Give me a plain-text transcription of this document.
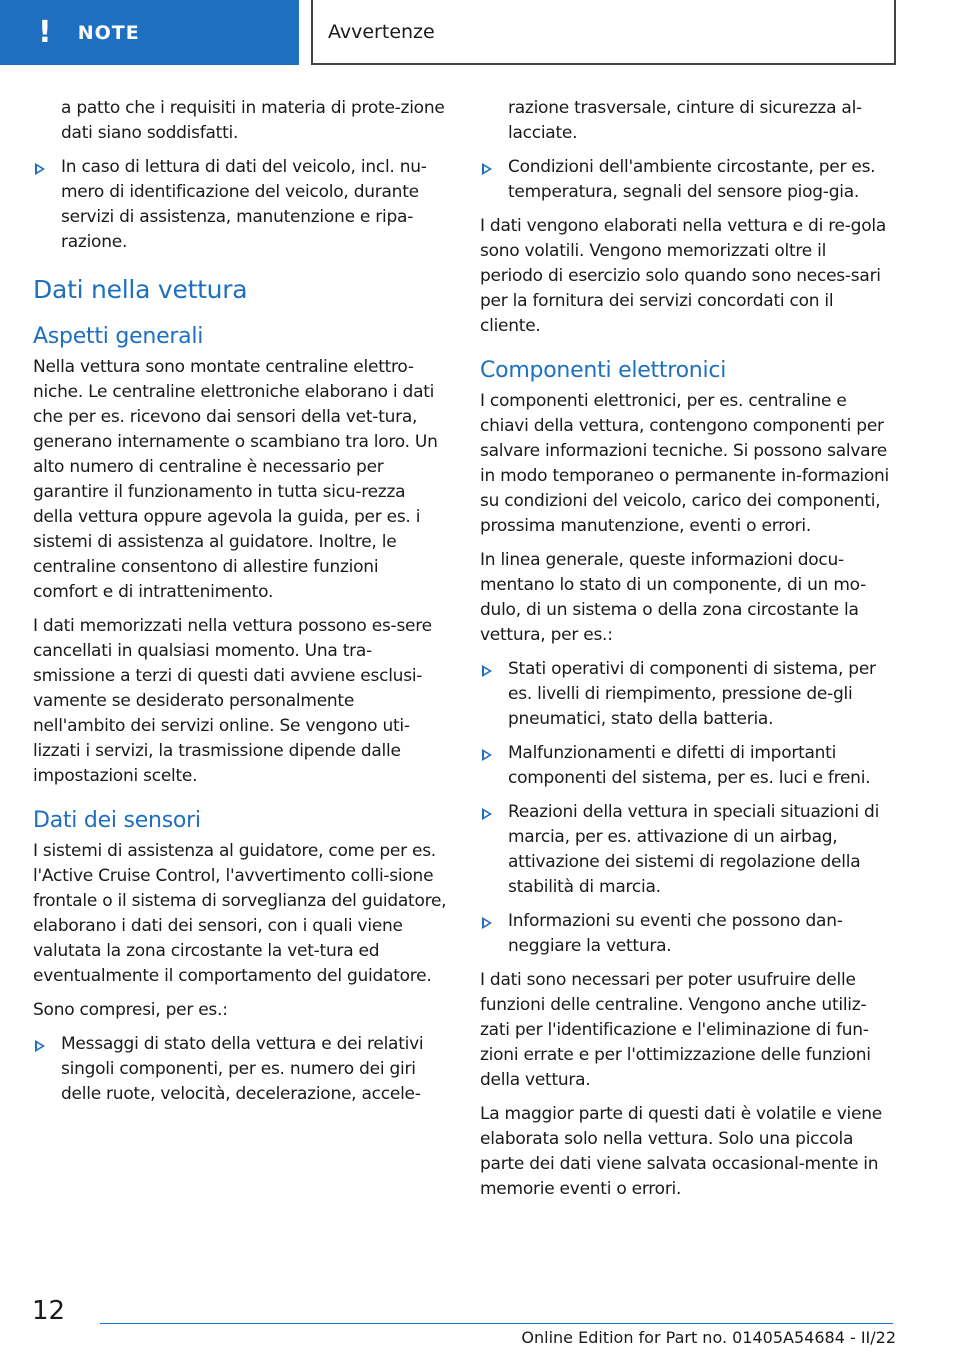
! NOTE	Avvertenze

a patto che i requisiti in materia di prote-zione dati siano soddisfatti.

In caso di lettura di dati del veicolo, incl. nu-mero di identificazione del veicolo, durante servizi di assistenza, manutenzione e ripa-razione.

Dati nella vettura
Aspetti generali

Nella vettura sono montate centraline elettro-niche. Le centraline elettroniche elaborano i dati che per es. ricevono dai sensori della vet-tura, generano internamente o scambiano tra loro. Un alto numero di centraline è necessario per garantire il funzionamento in tutta sicu-rezza della vettura oppure agevola la guida, per es. i sistemi di assistenza al guidatore. Inoltre, le centraline consentono di allestire funzioni comfort e di intrattenimento.

I dati memorizzati nella vettura possono es-sere cancellati in qualsiasi momento. Una tra-smissione a terzi di questi dati avviene esclusi-vamente se desiderato personalmente nell'ambito dei servizi online. Se vengono uti-lizzati i servizi, la trasmissione dipende dalle impostazioni scelte.

Dati dei sensori

I sistemi di assistenza al guidatore, come per es. l'Active Cruise Control, l'avvertimento colli-sione frontale o il sistema di sorveglianza del guidatore, elaborano i dati dei sensori, con i quali viene valutata la zona circostante la vet-tura ed eventualmente il comportamento del guidatore.

Sono compresi, per es.:

Messaggi di stato della vettura e dei relativi singoli componenti, per es. numero dei giri delle ruote, velocità, decelerazione, accele-

razione trasversale, cinture di sicurezza al-lacciate.

Condizioni dell'ambiente circostante, per es. temperatura, segnali del sensore piog-gia.

I dati vengono elaborati nella vettura e di re-gola sono volatili. Vengono memorizzati oltre il periodo di esercizio solo quando sono neces-sari per la fornitura dei servizi concordati con il cliente.

Componenti elettronici

I componenti elettronici, per es. centraline e chiavi della vettura, contengono componenti per salvare informazioni tecniche. Si possono salvare in modo temporaneo o permanente in-formazioni su condizioni del veicolo, carico dei componenti, prossima manutenzione, eventi o errori.

In linea generale, queste informazioni docu-mentano lo stato di un componente, di un mo-dulo, di un sistema o della zona circostante la vettura, per es.:

Stati operativi di componenti di sistema, per es. livelli di riempimento, pressione de-gli pneumatici, stato della batteria.

Malfunzionamenti e difetti di importanti componenti del sistema, per es. luci e freni.

Reazioni della vettura in speciali situazioni di marcia, per es. attivazione di un airbag, attivazione dei sistemi di regolazione della stabilità di marcia.

Informazioni su eventi che possono dan-neggiare la vettura.

I dati sono necessari per poter usufruire delle funzioni delle centraline. Vengono anche utiliz-zati per l'identificazione e l'eliminazione di fun-zioni errate e per l'ottimizzazione delle funzioni della vettura.

La maggior parte di questi dati è volatile e viene elaborata solo nella vettura. Solo una piccola parte dei dati viene salvata occasional-mente in memorie eventi o errori.

12
Online Edition for Part no. 01405A54684 - II/22
